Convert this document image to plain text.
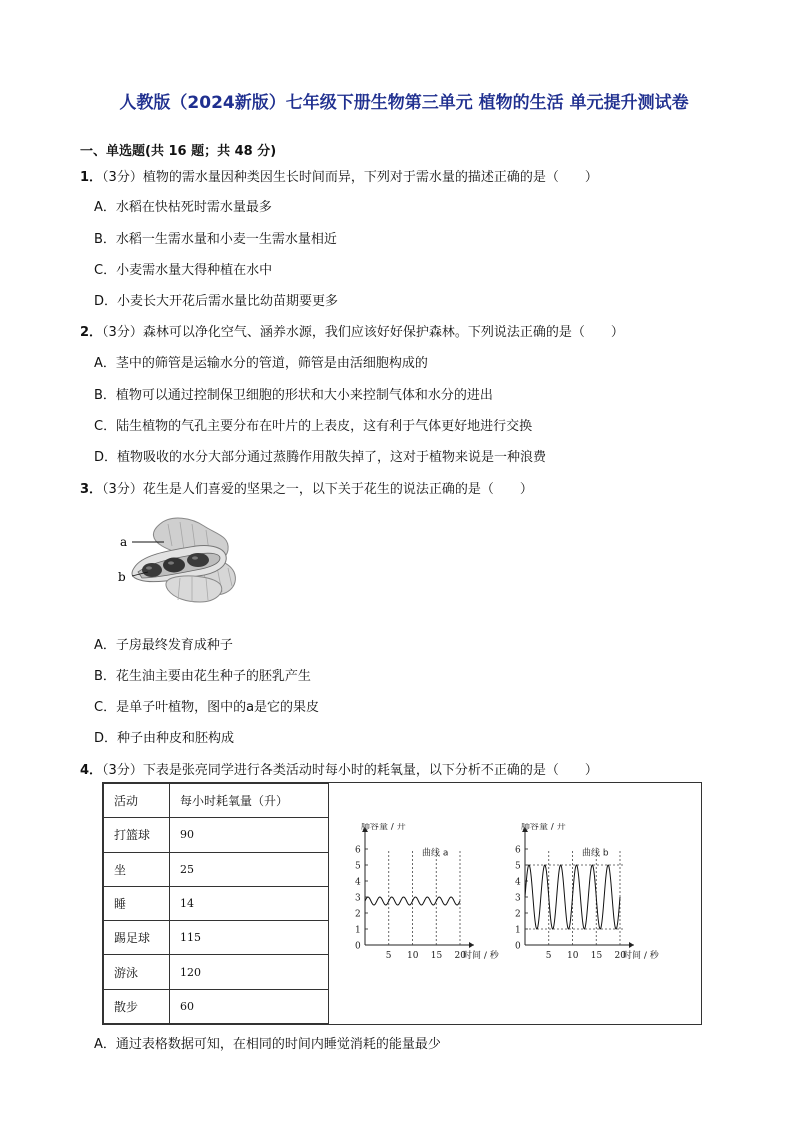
人教版（2024新版）七年级下册生物第三单元 植物的生活 单元提升测试卷
一、单选题(共 16 题；共 48 分)
1．（3分）植物的需水量因种类因生长时间而异，下列对于需水量的描述正确的是（　　）
A．水稻在快枯死时需水量最多
B．水稻一生需水量和小麦一生需水量相近
C．小麦需水量大得种植在水中
D．小麦长大开花后需水量比幼苗期要更多
2．（3分）森林可以净化空气、涵养水源，我们应该好好保护森林。下列说法正确的是（　　）
A．茎中的筛管是运输水分的管道，筛管是由活细胞构成的
B．植物可以通过控制保卫细胞的形状和大小来控制气体和水分的进出
C．陆生植物的气孔主要分布在叶片的上表皮，这有利于气体更好地进行交换
D．植物吸收的水分大部分通过蒸腾作用散失掉了，这对于植物来说是一种浪费
3．（3分）花生是人们喜爱的坚果之一，以下关于花生的说法正确的是（　　）
a
b
A．子房最终发育成种子
B．花生油主要由花生种子的胚乳产生
C．是单子叶植物，图中的a是它的果皮
D．种子由种皮和胚构成
4．（3分）下表是张亮同学进行各类活动时每小时的耗氧量，以下分析不正确的是（　　）
活动	每小时耗氧量（升）
打篮球	90
坐	25
睡	14
踢足球	115
游泳	120
散步	60
0
1
2
3
4
5
6
5 10 15 20
肺容量 / 升
时间 / 秒
曲线 a
0
1
2
3
4
5
6
5 10 15 20
肺容量 / 升
时间 / 秒
曲线 b
A．通过表格数据可知，在相同的时间内睡觉消耗的能量最少
